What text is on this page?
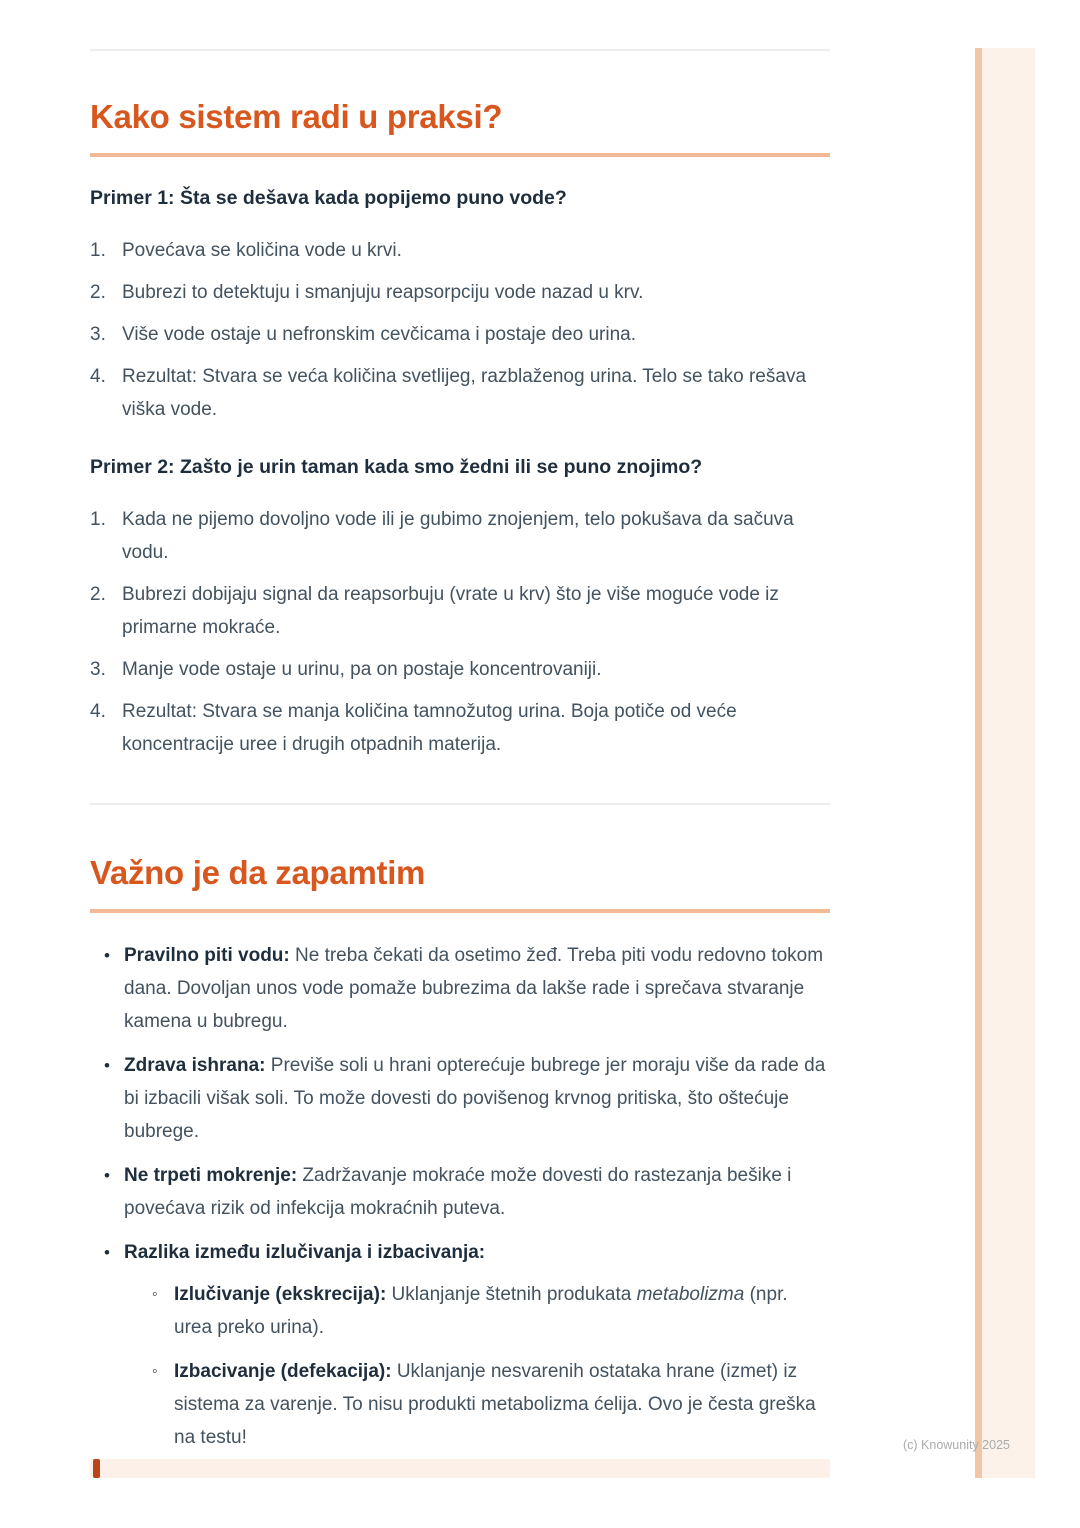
(c) Knowunity 2025
Kako sistem radi u praksi?
Primer 1: Šta se dešava kada popijemo puno vode?
Povećava se količina vode u krvi.
Bubrezi to detektuju i smanjuju reapsorpciju vode nazad u krv.
Više vode ostaje u nefronskim cevčicama i postaje deo urina.
Rezultat: Stvara se veća količina svetlijeg, razblaženog urina. Telo se tako rešava viška vode.
Primer 2: Zašto je urin taman kada smo žedni ili se puno znojimo?
Kada ne pijemo dovoljno vode ili je gubimo znojenjem, telo pokušava da sačuva vodu.
Bubrezi dobijaju signal da reapsorbuju (vrate u krv) što je više moguće vode iz primarne mokraće.
Manje vode ostaje u urinu, pa on postaje koncentrovaniji.
Rezultat: Stvara se manja količina tamnožutog urina. Boja potiče od veće koncentracije uree i drugih otpadnih materija.
Važno je da zapamtim
• Pravilno piti vodu: Ne treba čekati da osetimo žeđ. Treba piti vodu redovno tokom dana. Dovoljan unos vode pomaže bubrezima da lakše rade i sprečava stvaranje kamena u bubregu.
• Zdrava ishrana: Previše soli u hrani opterećuje bubrege jer moraju više da rade da bi izbacili višak soli. To može dovesti do povišenog krvnog pritiska, što oštećuje bubrege.
• Ne trpeti mokrenje: Zadržavanje mokraće može dovesti do rastezanja bešike i povećava rizik od infekcija mokraćnih puteva.
• Razlika između izlučivanja i izbacivanja:
◦ Izlučivanje (ekskrecija): Uklanjanje štetnih produkata metabolizma (npr. urea preko urina).
◦ Izbacivanje (defekacija): Uklanjanje nesvarenih ostataka hrane (izmet) iz sistema za varenje. To nisu produkti metabolizma ćelija. Ovo je česta greška na testu!
